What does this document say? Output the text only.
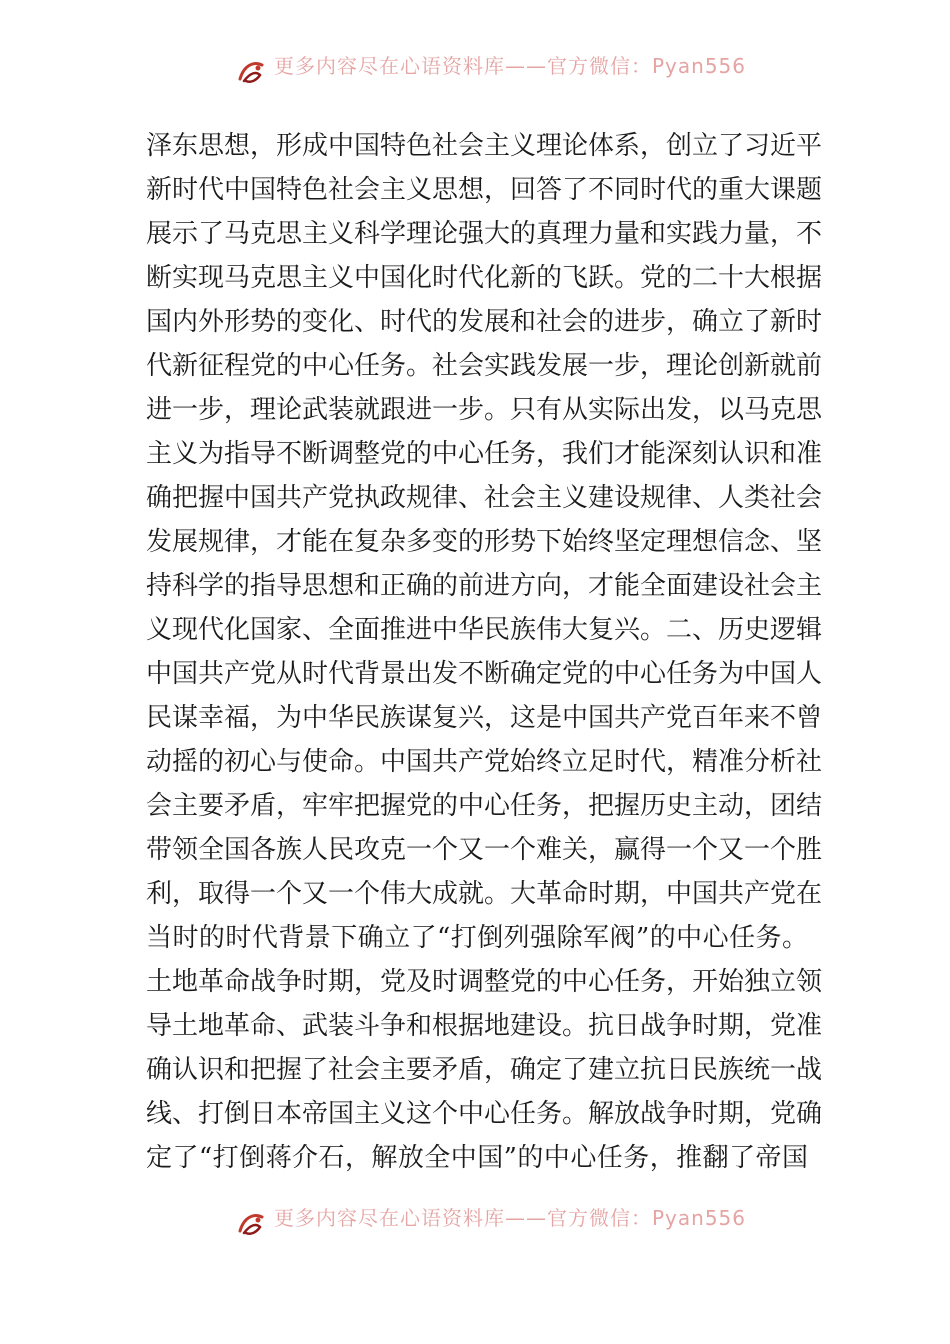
更多内容尽在心语资料库——官方微信：Pyan556
泽东思想，形成中国特色社会主义理论体系，创立了习近平
新时代中国特色社会主义思想，回答了不同时代的重大课题
展示了马克思主义科学理论强大的真理力量和实践力量，不
断实现马克思主义中国化时代化新的飞跃。党的二十大根据
国内外形势的变化、时代的发展和社会的进步，确立了新时
代新征程党的中心任务。社会实践发展一步，理论创新就前
进一步，理论武装就跟进一步。只有从实际出发，以马克思
主义为指导不断调整党的中心任务，我们才能深刻认识和准
确把握中国共产党执政规律、社会主义建设规律、人类社会
发展规律，才能在复杂多变的形势下始终坚定理想信念、坚
持科学的指导思想和正确的前进方向，才能全面建设社会主
义现代化国家、全面推进中华民族伟大复兴。二、历史逻辑
中国共产党从时代背景出发不断确定党的中心任务为中国人
民谋幸福，为中华民族谋复兴，这是中国共产党百年来不曾
动摇的初心与使命。中国共产党始终立足时代，精准分析社
会主要矛盾，牢牢把握党的中心任务，把握历史主动，团结
带领全国各族人民攻克一个又一个难关，赢得一个又一个胜
利，取得一个又一个伟大成就。大革命时期，中国共产党在
当时的时代背景下确立了“打倒列强除军阀”的中心任务。
土地革命战争时期，党及时调整党的中心任务，开始独立领
导土地革命、武装斗争和根据地建设。抗日战争时期，党准
确认识和把握了社会主要矛盾，确定了建立抗日民族统一战
线、打倒日本帝国主义这个中心任务。解放战争时期，党确
定了“打倒蒋介石，解放全中国”的中心任务，推翻了帝国
更多内容尽在心语资料库——官方微信：Pyan556
